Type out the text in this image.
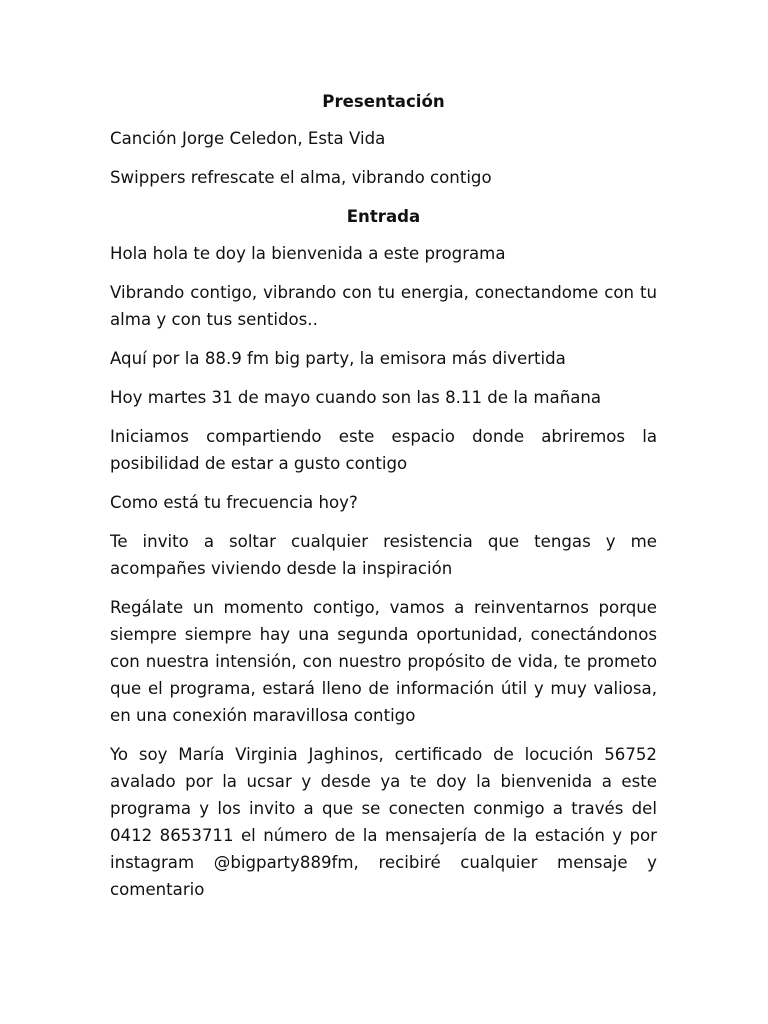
Presentación

Canción Jorge Celedon, Esta Vida

Swippers refrescate el alma, vibrando contigo

Entrada

Hola hola te doy la bienvenida a este programa

Vibrando contigo, vibrando con tu energia, conectandome con tu alma y con tus sentidos..

Aquí por la 88.9 fm big party, la emisora más divertida

Hoy martes 31 de mayo cuando son las 8.11 de la mañana

Iniciamos compartiendo este espacio donde abriremos la posibilidad de estar a gusto contigo

Como está tu frecuencia hoy?

Te invito a soltar cualquier resistencia que tengas y me acompañes viviendo desde la inspiración

Regálate un momento contigo, vamos a reinventarnos porque siempre siempre hay una segunda oportunidad, conectándonos con nuestra intensión, con nuestro propósito de vida, te prometo que el programa, estará lleno de información útil y muy valiosa, en una conexión maravillosa contigo

Yo soy María Virginia Jaghinos, certificado de locución 56752 avalado por la ucsar y desde ya te doy la bienvenida a este programa y los invito a que se conecten conmigo a través del 0412 8653711 el número de la mensajería de la estación y por instagram @bigparty889fm, recibiré cualquier mensaje y comentario
